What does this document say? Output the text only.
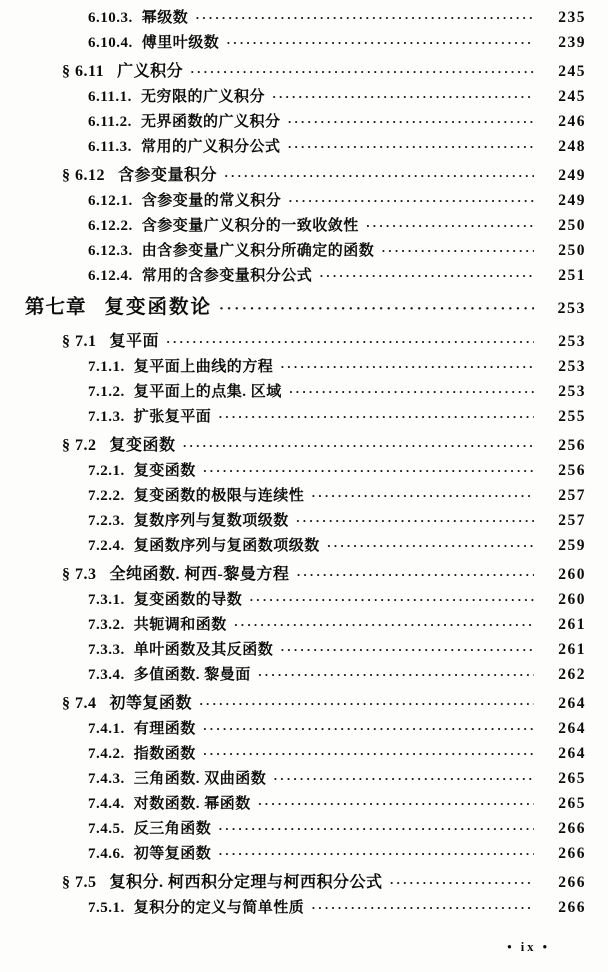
6.10.3. 幂级数 ·····	235
6.10.4. 傅里叶级数 ·····	239
§ 6.11 广义积分 ·····	245
6.11.1. 无穷限的广义积分 ·····	245
6.11.2. 无界函数的广义积分 ·····	246
6.11.3. 常用的广义积分公式 ·····	248
§ 6.12 含参变量积分 ·····	249
6.12.1. 含参变量的常义积分 ·····	249
6.12.2. 含参变量广义积分的一致收敛性 ·····	250
6.12.3. 由含参变量广义积分所确定的函数 ·····	250
6.12.4. 常用的含参变量积分公式 ·····	251
第七章 复变函数论 ·····	253
§ 7.1 复平面 ·····	253
7.1.1. 复平面上曲线的方程 ·····	253
7.1.2. 复平面上的点集. 区域 ·····	253
7.1.3. 扩张复平面 ·····	255
§ 7.2 复变函数 ·····	256
7.2.1. 复变函数 ·····	256
7.2.2. 复变函数的极限与连续性 ·····	257
7.2.3. 复数序列与复数项级数 ·····	257
7.2.4. 复函数序列与复函数项级数 ·····	259
§ 7.3 全纯函数. 柯西-黎曼方程 ·····	260
7.3.1. 复变函数的导数 ·····	260
7.3.2. 共轭调和函数 ·····	261
7.3.3. 单叶函数及其反函数 ·····	261
7.3.4. 多值函数. 黎曼面 ·····	262
§ 7.4 初等复函数 ·····	264
7.4.1. 有理函数 ·····	264
7.4.2. 指数函数 ·····	264
7.4.3. 三角函数. 双曲函数 ·····	265
7.4.4. 对数函数. 幂函数 ·····	265
7.4.5. 反三角函数 ·····	266
7.4.6. 初等复函数 ·····	266
§ 7.5 复积分. 柯西积分定理与柯西积分公式 ·····	266
7.5.1. 复积分的定义与简单性质 ·····	266
• ix •
